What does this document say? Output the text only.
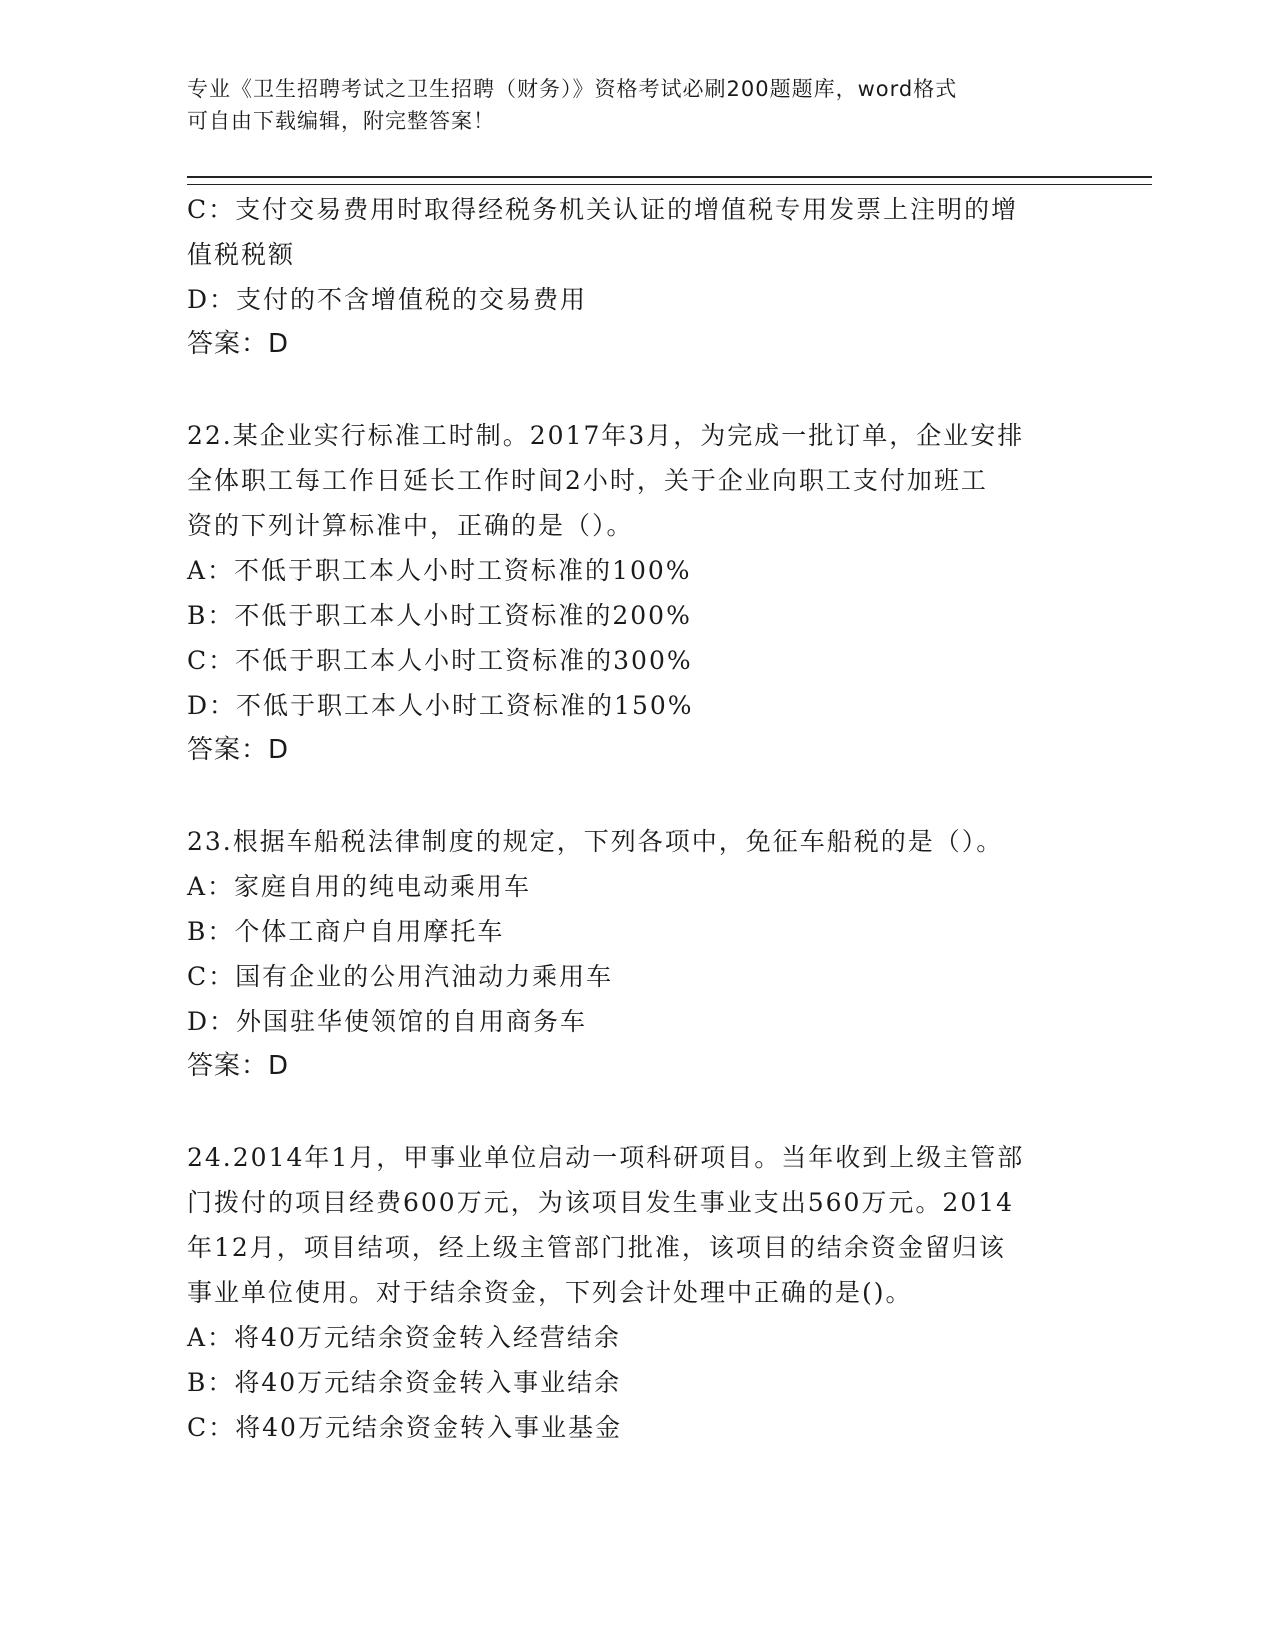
专业《卫生招聘考试之卫生招聘（财务）》资格考试必刷200题题库，word格式
可自由下载编辑，附完整答案！
C：支付交易费用时取得经税务机关认证的增值税专用发票上注明的增
值税税额
D：支付的不含增值税的交易费用
答案：D
22.某企业实行标准工时制。2017年3月，为完成一批订单，企业安排
全体职工每工作日延长工作时间2小时，关于企业向职工支付加班工
资的下列计算标准中，正确的是（）。
A：不低于职工本人小时工资标准的100%
B：不低于职工本人小时工资标准的200%
C：不低于职工本人小时工资标准的300%
D：不低于职工本人小时工资标准的150%
答案：D
23.根据车船税法律制度的规定，下列各项中，免征车船税的是（）。
A：家庭自用的纯电动乘用车
B：个体工商户自用摩托车
C：国有企业的公用汽油动力乘用车
D：外国驻华使领馆的自用商务车
答案：D
24.2014年1月，甲事业单位启动一项科研项目。当年收到上级主管部
门拨付的项目经费600万元，为该项目发生事业支出560万元。2014
年12月，项目结项，经上级主管部门批准，该项目的结余资金留归该
事业单位使用。对于结余资金，下列会计处理中正确的是()。
A：将40万元结余资金转入经营结余
B：将40万元结余资金转入事业结余
C：将40万元结余资金转入事业基金
